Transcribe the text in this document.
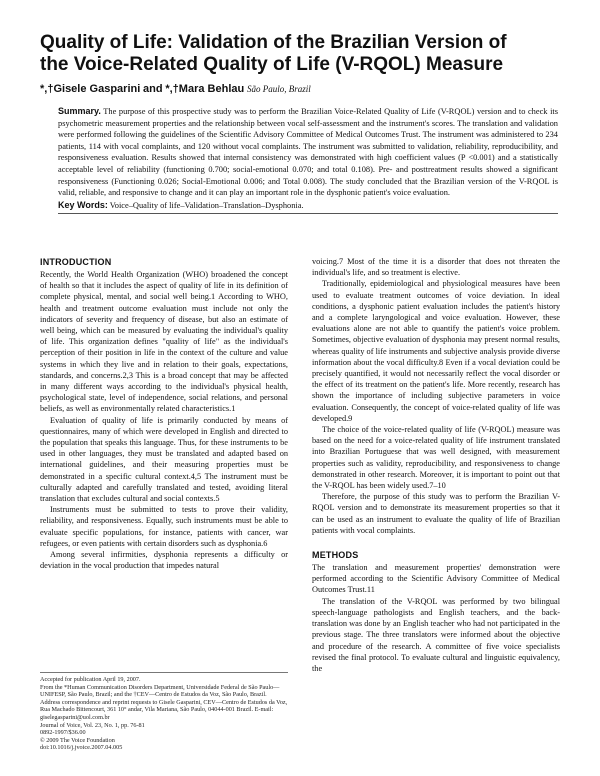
Quality of Life: Validation of the Brazilian Version of
the Voice-Related Quality of Life (V-RQOL) Measure
*,†Gisele Gasparini and *,†Mara Behlau São Paulo, Brazil

Summary. The purpose of this prospective study was to perform the Brazilian Voice-Related Quality of Life (V-RQOL) version and to check its psychometric measurement properties and the relationship between vocal self-assessment and the instrument's scores. The translation and validation were performed following the guidelines of the Scientific Advisory Committee of Medical Outcomes Trust. The instrument was administered to 234 patients, 114 with vocal complaints, and 120 without vocal complaints. The instrument was submitted to validation, reliability, reproducibility, and responsiveness evaluation. Results showed that internal consistency was demonstrated with high coefficient values (P <0.001) and a statistically acceptable level of reliability (functioning 0.700; social-emotional 0.070; and total 0.108). Pre- and posttreatment results showed a significant responsiveness (Functioning 0.026; Social-Emotional 0.006; and Total 0.008). The study concluded that the Brazilian version of the V-RQOL is valid, reliable, and responsive to change and it can play an important role in the dysphonic patient's voice evaluation.

Key Words: Voice–Quality of life–Validation–Translation–Dysphonia.

INTRODUCTION

Recently, the World Health Organization (WHO) broadened the concept of health so that it includes the aspect of quality of life in its definition of complete physical, mental, and social well being.1 According to WHO, health and treatment outcome evaluation must include not only the indicators of severity and frequency of disease, but also an estimate of well being, which can be measured by evaluating the individual's quality of life. This organization defines "quality of life" as the individual's perception of their position in life in the context of the culture and value systems in which they live and in relation to their goals, expectations, standards, and concerns.2,3 This is a broad concept that may be affected in many different ways according to the individual's physical health, psychological state, level of independence, social relations, and personal beliefs, as well as environmentally related characteristics.1

Evaluation of quality of life is primarily conducted by means of questionnaires, many of which were developed in English and directed to the population that speaks this language. Thus, for these instruments to be used in other languages, they must be translated and adapted based on international guidelines, and their measuring properties must be demonstrated in a specific cultural context.4,5 The instrument must be culturally adapted and carefully translated and tested, avoiding literal translation that excludes cultural and social contexts.5

Instruments must be submitted to tests to prove their validity, reliability, and responsiveness. Equally, such instruments must be able to evaluate specific populations, for instance, patients with cancer, war refugees, or even patients with certain disorders such as dysphonia.6

Among several infirmities, dysphonia represents a difficulty or deviation in the vocal production that impedes natural

voicing.7 Most of the time it is a disorder that does not threaten the individual's life, and so treatment is elective.

Traditionally, epidemiological and physiological measures have been used to evaluate treatment outcomes of voice deviation. In ideal conditions, a dysphonic patient evaluation includes the patient's history and a complete laryngological and voice evaluation. However, these evaluations alone are not able to quantify the patient's voice problem. Sometimes, objective evaluation of dysphonia may present normal results, whereas quality of life instruments and subjective analysis provide diverse information about the vocal difficulty.8 Even if a vocal deviation could be precisely quantified, it would not necessarily reflect the vocal disorder or the effect of its treatment on the patient's life. More recently, research has shown the importance of including subjective parameters in voice evaluation. Consequently, the concept of voice-related quality of life was developed.9

The choice of the voice-related quality of life (V-RQOL) measure was based on the need for a voice-related quality of life instrument translated into Brazilian Portuguese that was well designed, with measurement properties such as validity, reproducibility, and responsiveness to change demonstrated in other research. Moreover, it is important to point out that the V-RQOL has been widely used.7–10

Therefore, the purpose of this study was to perform the Brazilian V-RQOL version and to demonstrate its measurement properties so that it can be used as an instrument to evaluate the quality of life of Brazilian patients with vocal complaints.

METHODS

The translation and measurement properties' demonstration were performed according to the Scientific Advisory Committee of Medical Outcomes Trust.11

The translation of the V-RQOL was performed by two bilingual speech-language pathologists and English teachers, and the back-translation was done by an English teacher who had not participated in the previous stage. The three translators were informed about the objective and procedure of the research. A committee of five voice specialists revised the final protocol. To evaluate cultural and linguistic equivalency, the

Accepted for publication April 19, 2007.
From the *Human Communication Disorders Department, Universidade Federal de São Paulo—UNIFESP, São Paulo, Brazil; and the †CEV—Centro de Estudos da Voz, São Paulo, Brazil.
Address correspondence and reprint requests to Gisele Gasparini, CEV—Centro de Estudos da Voz, Rua Machado Bittencourt, 361 10° andar, Vila Mariana, São Paulo, 04044-001 Brazil. E-mail: giselegasparini@uol.com.br
Journal of Voice, Vol. 23, No. 1, pp. 76-81
0892-1997/$36.00
© 2009 The Voice Foundation
doi:10.1016/j.jvoice.2007.04.005
